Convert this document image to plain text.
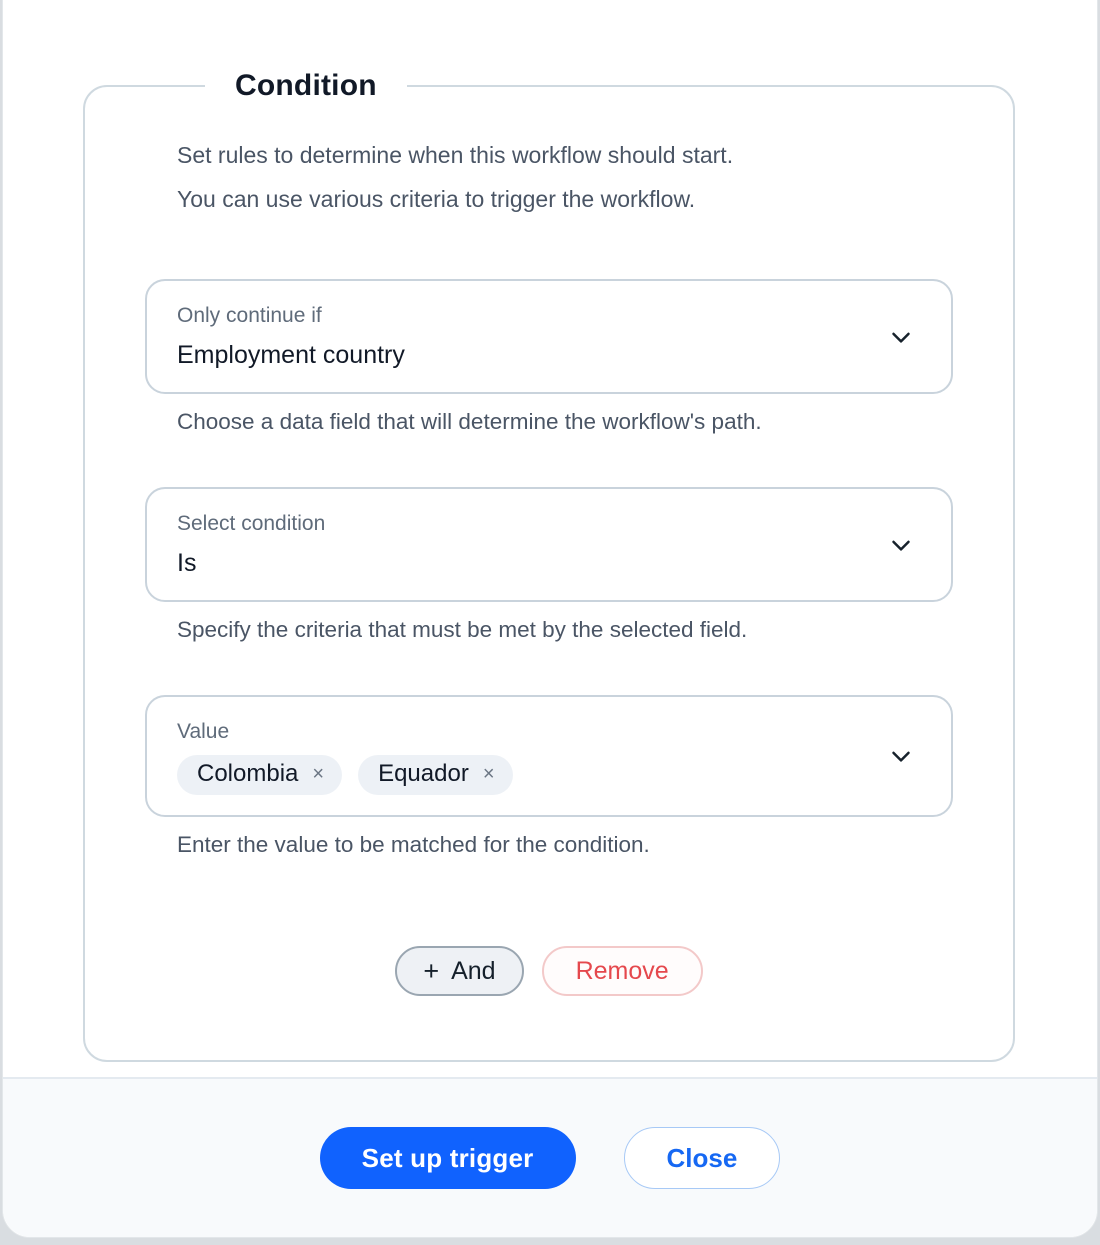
Condition
Set rules to determine when this workflow should start.
You can use various criteria to trigger the workflow.
Only continue if
Employment country
Choose a data field that will determine the workflow's path.
Select condition
Is
Specify the criteria that must be met by the selected field.
Value
Colombia × Equador ×
Enter the value to be matched for the condition.
+ And	Remove
Set up trigger	Close
